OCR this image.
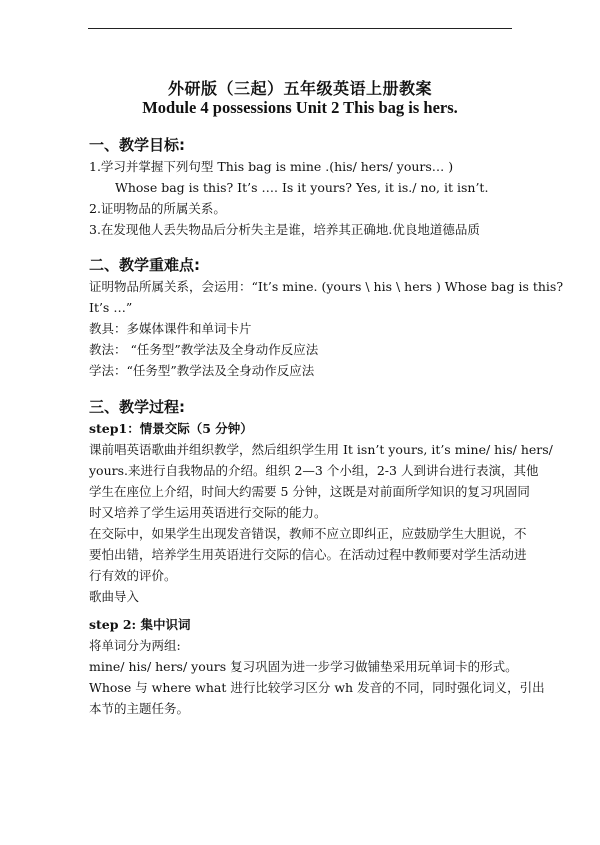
外研版（三起）五年级英语上册教案
Module 4 possessions Unit 2 This bag is hers.
一、教学目标:
1.学习并掌握下列句型 This bag is mine .(his/ hers/ yours… )
Whose bag is this? It’s …. Is it yours? Yes, it is./ no, it isn’t.
2.证明物品的所属关系。
3.在发现他人丢失物品后分析失主是谁，培养其正确地.优良地道德品质
二、教学重难点:
证明物品所属关系，会运用：“It’s mine. (yours \ his \ hers ) Whose bag is this?
It’s …”
教具：多媒体课件和单词卡片
教法： “任务型”教学法及全身动作反应法
学法：“任务型”教学法及全身动作反应法
三、教学过程:
step1：情景交际（5 分钟）
课前唱英语歌曲并组织教学，然后组织学生用 It isn’t yours, it’s mine/ his/ hers/
yours.来进行自我物品的介绍。组织 2—3 个小组，2-3 人到讲台进行表演，其他
学生在座位上介绍，时间大约需要 5 分钟，这既是对前面所学知识的复习巩固同
时又培养了学生运用英语进行交际的能力。
在交际中，如果学生出现发音错误，教师不应立即纠正，应鼓励学生大胆说，不
要怕出错，培养学生用英语进行交际的信心。在活动过程中教师要对学生活动进
行有效的评价。
歌曲导入
step 2: 集中识词
将单词分为两组:
mine/ his/ hers/ yours 复习巩固为进一步学习做铺垫采用玩单词卡的形式。
Whose 与 where what 进行比较学习区分 wh 发音的不同，同时强化词义，引出
本节的主题任务。
